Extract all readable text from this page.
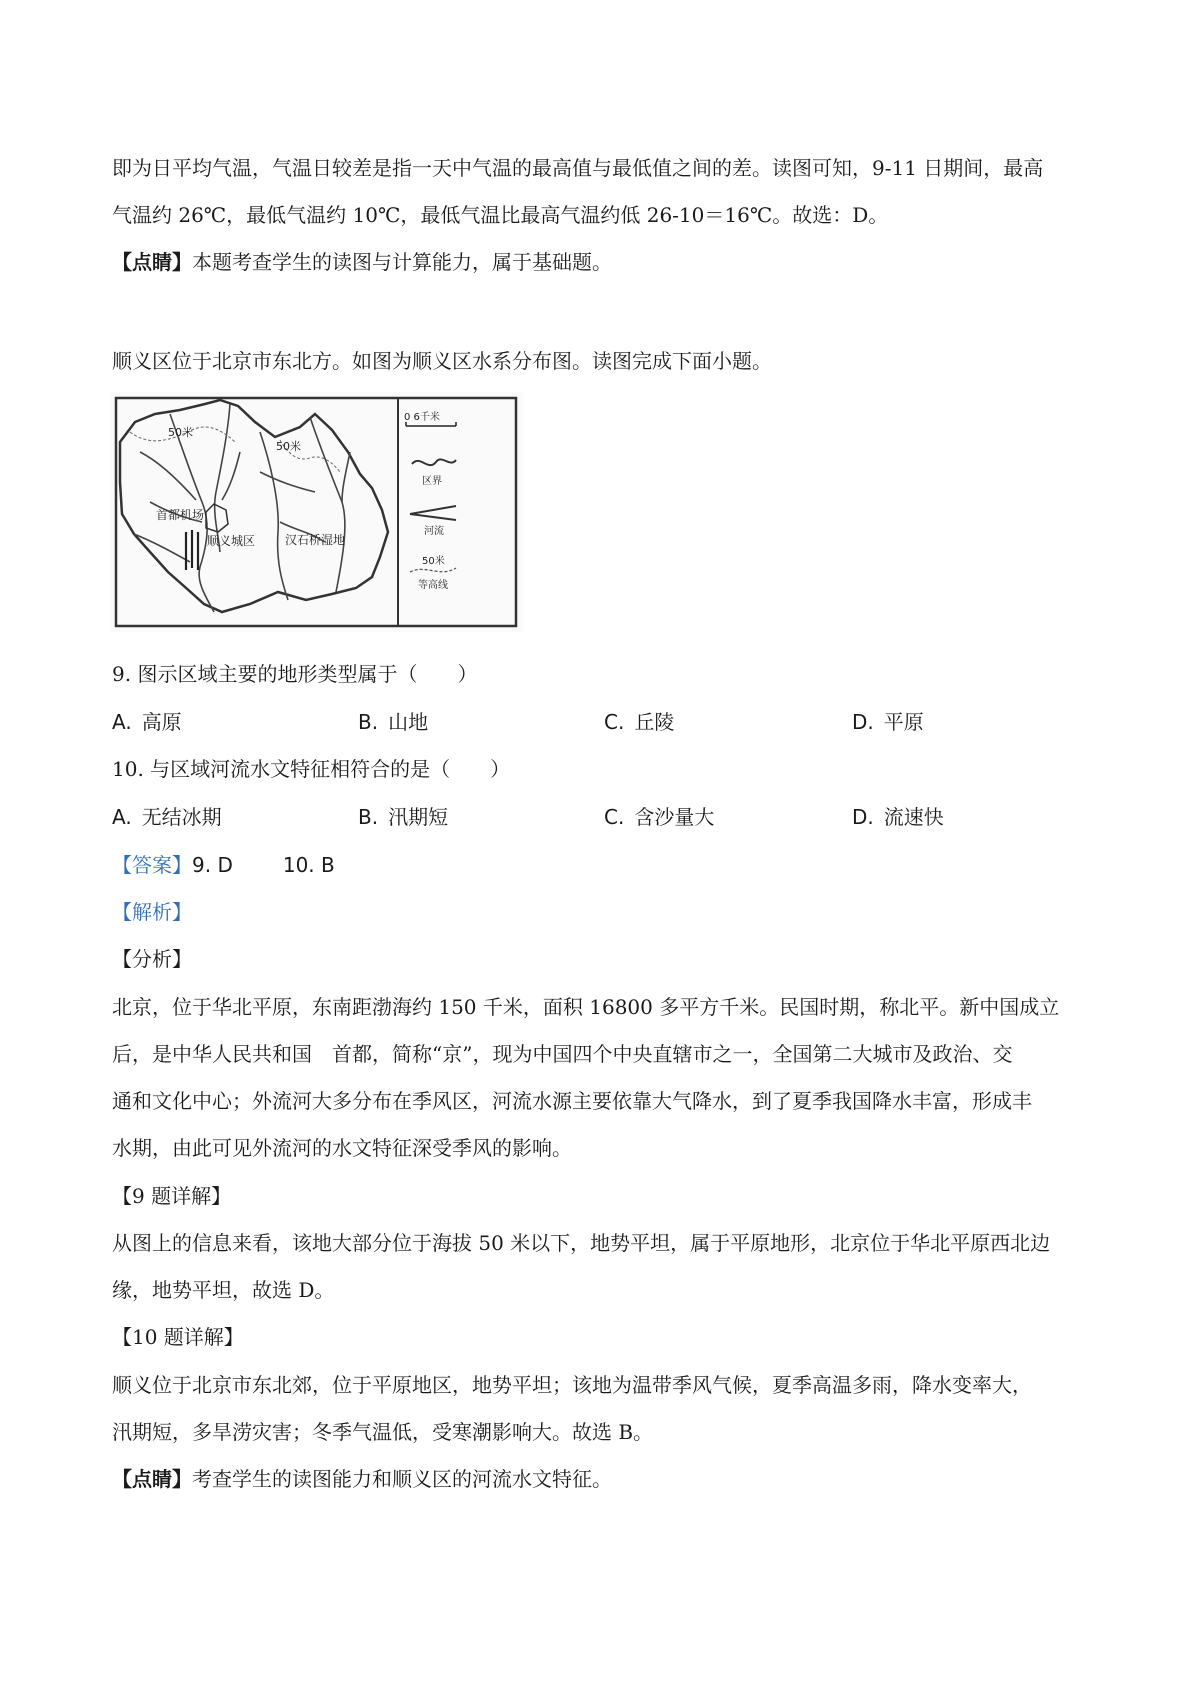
即为日平均气温，气温日较差是指一天中气温的最高值与最低值之间的差。读图可知，9-11 日期间，最高
气温约 26℃，最低气温约 10℃，最低气温比最高气温约低 26-10＝16℃。故选：D。
【点睛】本题考查学生的读图与计算能力，属于基础题。
顺义区位于北京市东北方。如图为顺义区水系分布图。读图完成下面小题。
50米
50米
首都机场
顺义城区 汉石桥湿地
0 6千米
区界
河流
50米
等高线
9. 图示区域主要的地形类型属于（　　）
A. 高原	B. 山地	C. 丘陵	D. 平原
10. 与区域河流水文特征相符合的是（　　）
A. 无结冰期	B. 汛期短	C. 含沙量大	D. 流速快
【答案】9. D	10. B
【解析】
【分析】
北京，位于华北平原，东南距渤海约 150 千米，面积 16800 多平方千米。民国时期，称北平。新中国成立
后，是中华人民共和国　首都，简称“京”，现为中国四个中央直辖市之一，全国第二大城市及政治、交
通和文化中心；外流河大多分布在季风区，河流水源主要依靠大气降水，到了夏季我国降水丰富，形成丰
水期，由此可见外流河的水文特征深受季风的影响。
【9 题详解】
从图上的信息来看，该地大部分位于海拔 50 米以下，地势平坦，属于平原地形，北京位于华北平原西北边
缘，地势平坦，故选 D。
【10 题详解】
顺义位于北京市东北郊，位于平原地区，地势平坦；该地为温带季风气候，夏季高温多雨，降水变率大，
汛期短，多旱涝灾害；冬季气温低，受寒潮影响大。故选 B。
【点睛】考查学生的读图能力和顺义区的河流水文特征。
